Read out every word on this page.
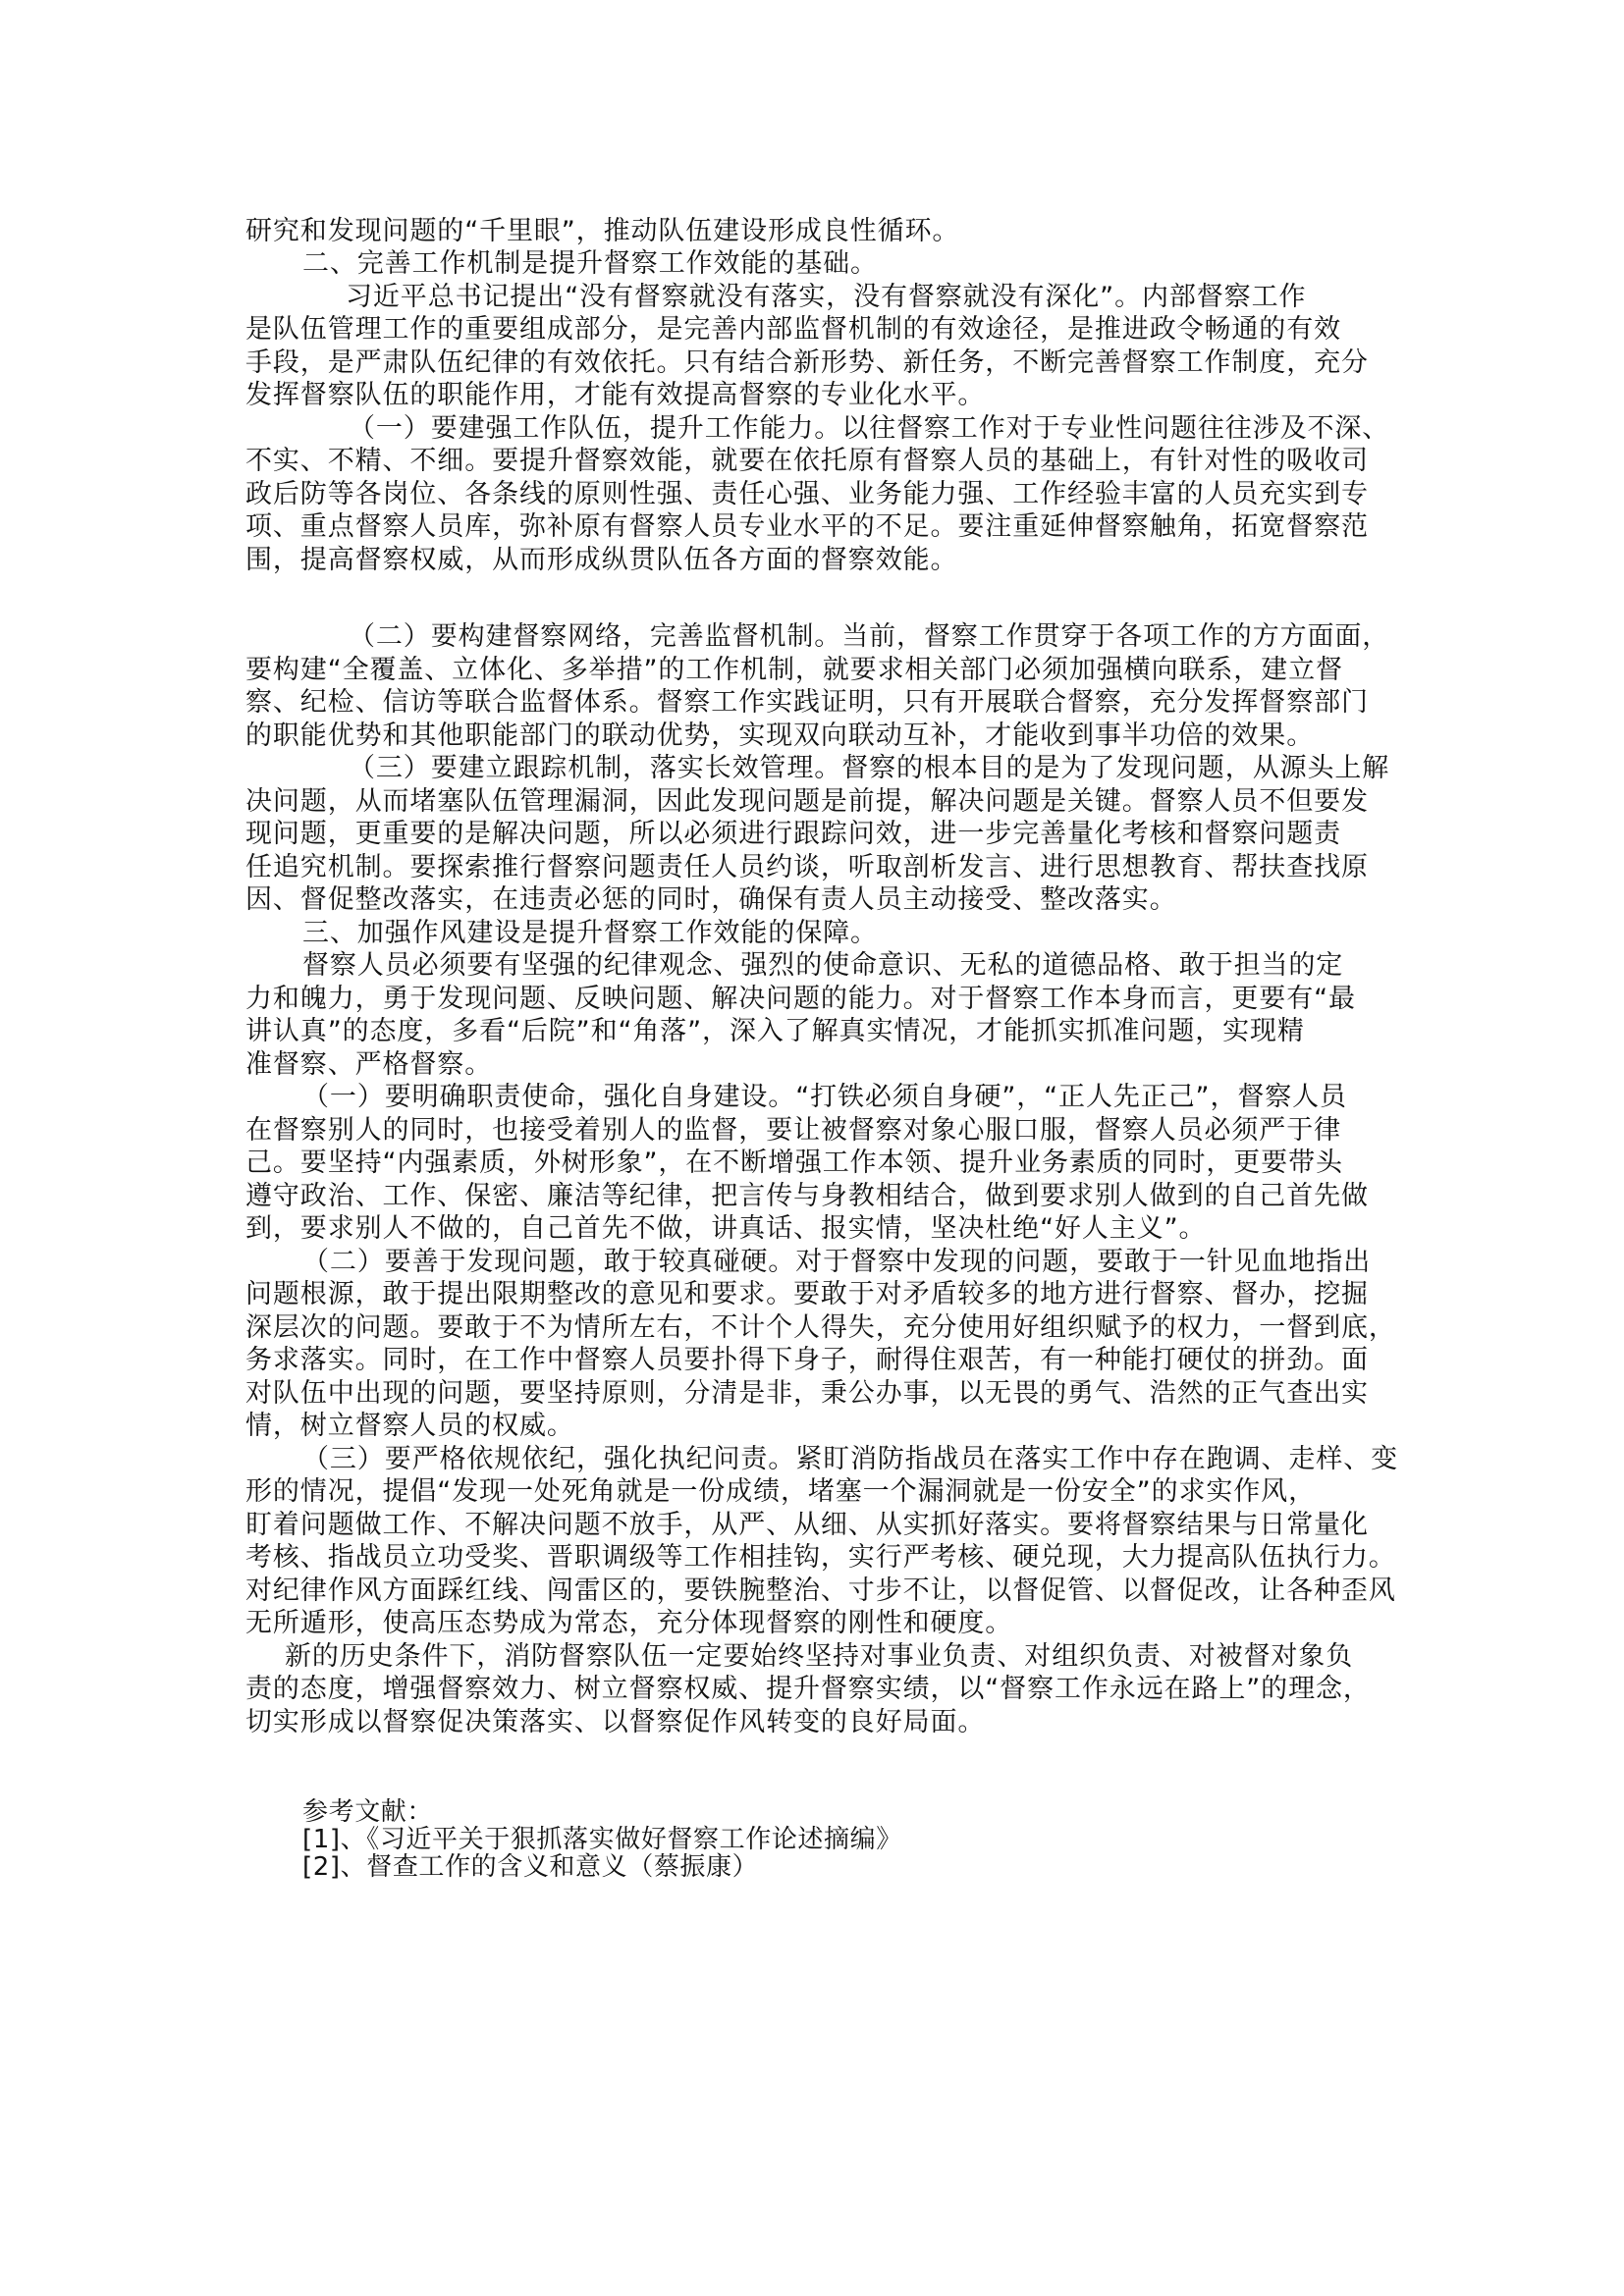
研究和发现问题的“千里眼”，推动队伍建设形成良性循环。
二、完善工作机制是提升督察工作效能的基础。
习近平总书记提出“没有督察就没有落实，没有督察就没有深化”。内部督察工作
是队伍管理工作的重要组成部分，是完善内部监督机制的有效途径，是推进政令畅通的有效
手段，是严肃队伍纪律的有效依托。只有结合新形势、新任务，不断完善督察工作制度，充分
发挥督察队伍的职能作用，才能有效提高督察的专业化水平。
（一）要建强工作队伍，提升工作能力。以往督察工作对于专业性问题往往涉及不深、
不实、不精、不细。要提升督察效能，就要在依托原有督察人员的基础上，有针对性的吸收司
政后防等各岗位、各条线的原则性强、责任心强、业务能力强、工作经验丰富的人员充实到专
项、重点督察人员库，弥补原有督察人员专业水平的不足。要注重延伸督察触角，拓宽督察范
围，提高督察权威，从而形成纵贯队伍各方面的督察效能。
（二）要构建督察网络，完善监督机制。当前，督察工作贯穿于各项工作的方方面面，
要构建“全覆盖、立体化、多举措”的工作机制，就要求相关部门必须加强横向联系，建立督
察、纪检、信访等联合监督体系。督察工作实践证明，只有开展联合督察，充分发挥督察部门
的职能优势和其他职能部门的联动优势，实现双向联动互补，才能收到事半功倍的效果。
（三）要建立跟踪机制，落实长效管理。督察的根本目的是为了发现问题，从源头上解
决问题，从而堵塞队伍管理漏洞，因此发现问题是前提，解决问题是关键。督察人员不但要发
现问题，更重要的是解决问题，所以必须进行跟踪问效，进一步完善量化考核和督察问题责
任追究机制。要探索推行督察问题责任人员约谈，听取剖析发言、进行思想教育、帮扶查找原
因、督促整改落实，在违责必惩的同时，确保有责人员主动接受、整改落实。
三、加强作风建设是提升督察工作效能的保障。
督察人员必须要有坚强的纪律观念、强烈的使命意识、无私的道德品格、敢于担当的定
力和魄力，勇于发现问题、反映问题、解决问题的能力。对于督察工作本身而言，更要有“最
讲认真”的态度，多看“后院”和“角落”，深入了解真实情况，才能抓实抓准问题，实现精
准督察、严格督察。
（一）要明确职责使命，强化自身建设。“打铁必须自身硬”，“正人先正己”，督察人员
在督察别人的同时，也接受着别人的监督，要让被督察对象心服口服，督察人员必须严于律
己。要坚持“内强素质，外树形象”，在不断增强工作本领、提升业务素质的同时，更要带头
遵守政治、工作、保密、廉洁等纪律，把言传与身教相结合，做到要求别人做到的自己首先做
到，要求别人不做的，自己首先不做，讲真话、报实情，坚决杜绝“好人主义”。
（二）要善于发现问题，敢于较真碰硬。对于督察中发现的问题，要敢于一针见血地指出
问题根源，敢于提出限期整改的意见和要求。要敢于对矛盾较多的地方进行督察、督办，挖掘
深层次的问题。要敢于不为情所左右，不计个人得失，充分使用好组织赋予的权力，一督到底，
务求落实。同时，在工作中督察人员要扑得下身子，耐得住艰苦，有一种能打硬仗的拼劲。面
对队伍中出现的问题，要坚持原则，分清是非，秉公办事，以无畏的勇气、浩然的正气查出实
情，树立督察人员的权威。
（三）要严格依规依纪，强化执纪问责。紧盯消防指战员在落实工作中存在跑调、走样、变
形的情况，提倡“发现一处死角就是一份成绩，堵塞一个漏洞就是一份安全”的求实作风，
盯着问题做工作、不解决问题不放手，从严、从细、从实抓好落实。要将督察结果与日常量化
考核、指战员立功受奖、晋职调级等工作相挂钩，实行严考核、硬兑现，大力提高队伍执行力。
对纪律作风方面踩红线、闯雷区的，要铁腕整治、寸步不让，以督促管、以督促改，让各种歪风
无所遁形，使高压态势成为常态，充分体现督察的刚性和硬度。
新的历史条件下，消防督察队伍一定要始终坚持对事业负责、对组织负责、对被督对象负
责的态度，增强督察效力、树立督察权威、提升督察实绩，以“督察工作永远在路上”的理念，
切实形成以督察促决策落实、以督察促作风转变的良好局面。
参考文献：
[1]、《习近平关于狠抓落实做好督察工作论述摘编》
[2]、督查工作的含义和意义（蔡振康）
